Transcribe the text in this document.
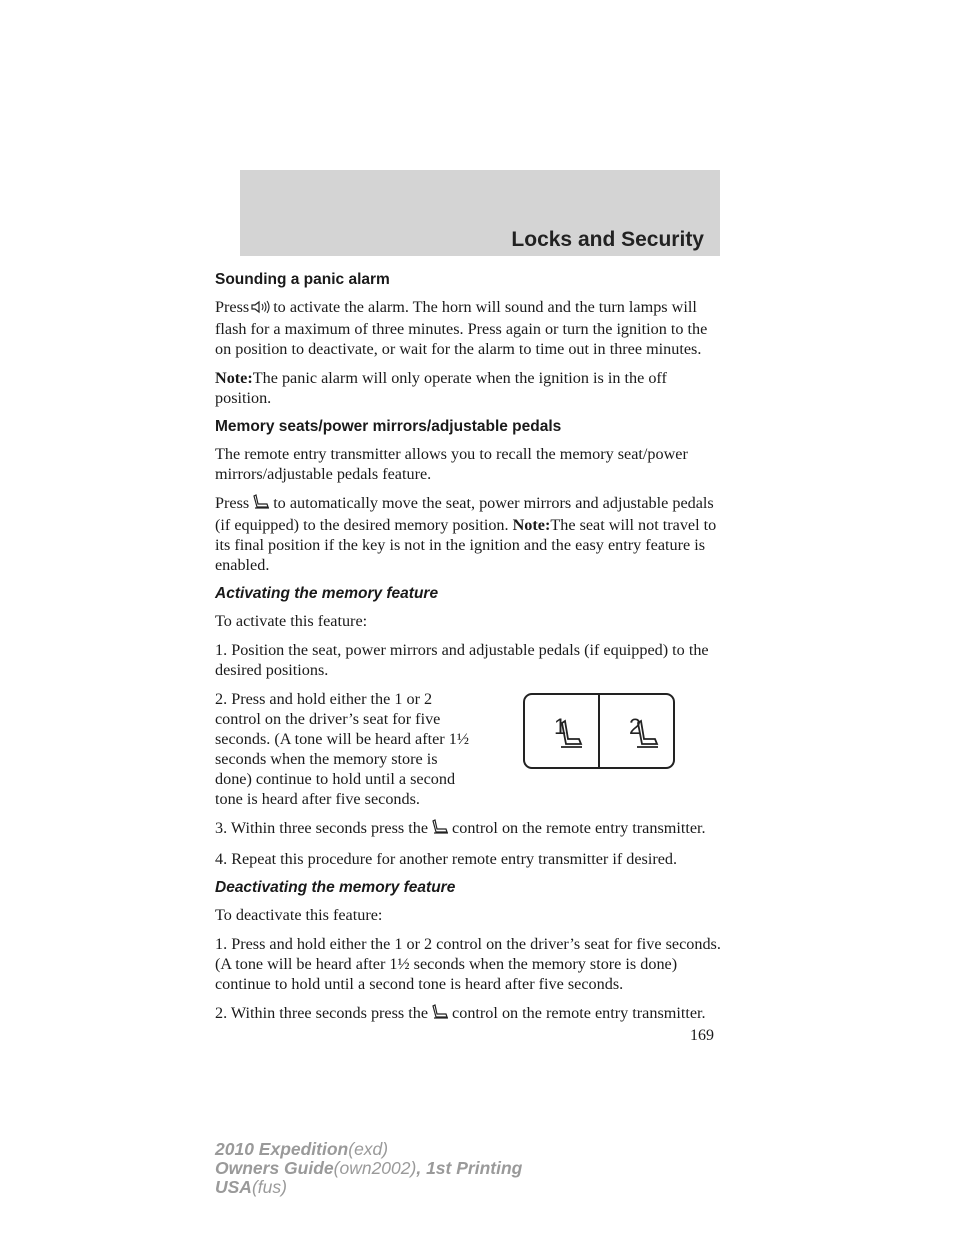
Locks and Security
Sounding a panic alarm

Press to activate the alarm. The horn will sound and the turn lamps will flash for a maximum of three minutes. Press again or turn the ignition to the on position to deactivate, or wait for the alarm to time out in three minutes.

Note:The panic alarm will only operate when the ignition is in the off position.

Memory seats/power mirrors/adjustable pedals

The remote entry transmitter allows you to recall the memory seat/power mirrors/adjustable pedals feature.

Press to automatically move the seat, power mirrors and adjustable pedals (if equipped) to the desired memory position. Note:The seat will not travel to its final position if the key is not in the ignition and the easy entry feature is enabled.

Activating the memory feature

To activate this feature:

1. Position the seat, power mirrors and adjustable pedals (if equipped) to the desired positions.

2. Press and hold either the 1 or 2 control on the driver’s seat for five seconds. (A tone will be heard after 1½ seconds when the memory store is done) continue to hold until a second tone is heard after five seconds.

1	2

3. Within three seconds press the control on the remote entry transmitter.

4. Repeat this procedure for another remote entry transmitter if desired.

Deactivating the memory feature

To deactivate this feature:

1. Press and hold either the 1 or 2 control on the driver’s seat for five seconds. (A tone will be heard after 1½ seconds when the memory store is done) continue to hold until a second tone is heard after five seconds.

2. Within three seconds press the control on the remote entry transmitter.

169
2010 Expedition(exd)
Owners Guide(own2002), 1st Printing
USA(fus)
